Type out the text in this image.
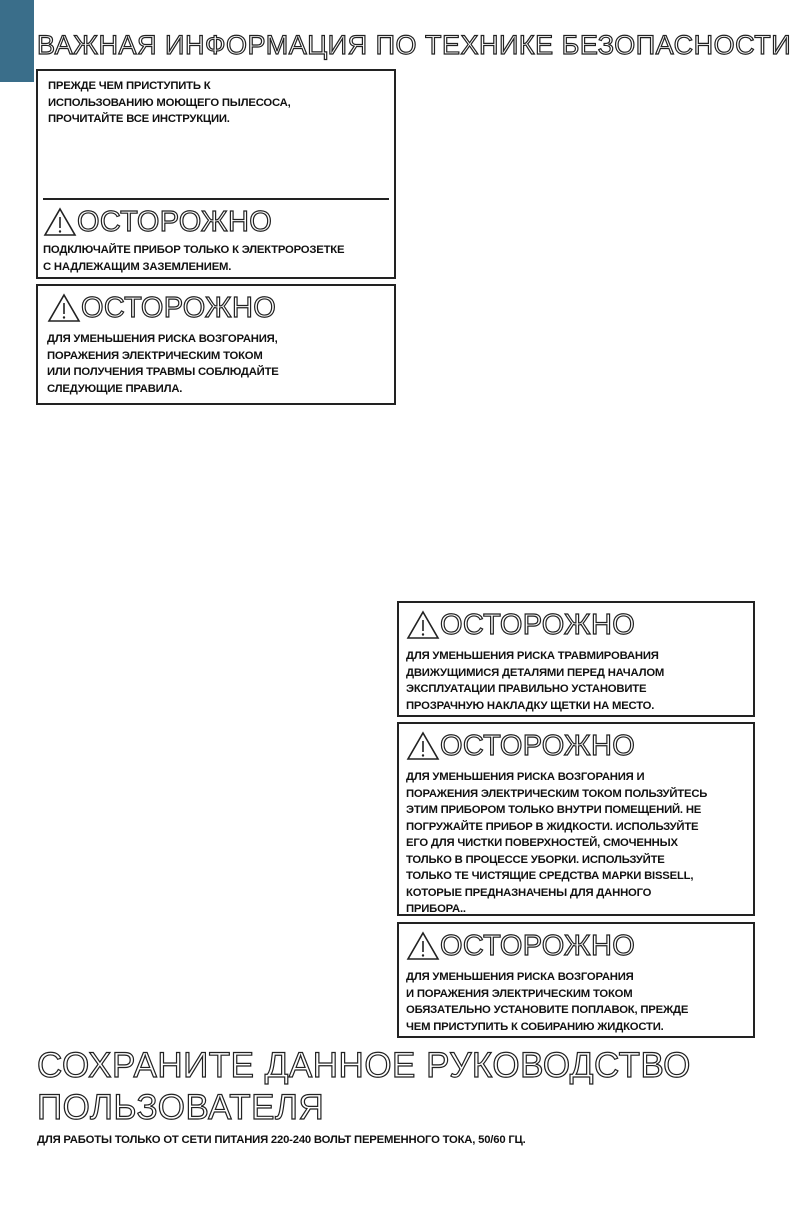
ВАЖНАЯ ИНФОРМАЦИЯ ПО ТЕХНИКЕ БЕЗОПАСНОСТИ
ПРЕЖДЕ ЧЕМ ПРИСТУПИТЬ К
ИСПОЛЬЗОВАНИЮ МОЮЩЕГО ПЫЛЕСОСА,
ПРОЧИТАЙТЕ ВСЕ ИНСТРУКЦИИ.
ОСТОРОЖНО
ПОДКЛЮЧАЙТЕ ПРИБОР ТОЛЬКО К ЭЛЕКТРОРОЗЕТКЕ
С НАДЛЕЖАЩИМ ЗАЗЕМЛЕНИЕМ.
ОСТОРОЖНО
ДЛЯ УМЕНЬШЕНИЯ РИСКА ВОЗГОРАНИЯ,
ПОРАЖЕНИЯ ЭЛЕКТРИЧЕСКИМ ТОКОМ
ИЛИ ПОЛУЧЕНИЯ ТРАВМЫ СОБЛЮДАЙТЕ
СЛЕДУЮЩИЕ ПРАВИЛА.
ОСТОРОЖНО
ДЛЯ УМЕНЬШЕНИЯ РИСКА ТРАВМИРОВАНИЯ
ДВИЖУЩИМИСЯ ДЕТАЛЯМИ ПЕРЕД НАЧАЛОМ
ЭКСПЛУАТАЦИИ ПРАВИЛЬНО УСТАНОВИТЕ
ПРОЗРАЧНУЮ НАКЛАДКУ ЩЕТКИ НА МЕСТО.
ОСТОРОЖНО
ДЛЯ УМЕНЬШЕНИЯ РИСКА ВОЗГОРАНИЯ И
ПОРАЖЕНИЯ ЭЛЕКТРИЧЕСКИМ ТОКОМ ПОЛЬЗУЙТЕСЬ
ЭТИМ ПРИБОРОМ ТОЛЬКО ВНУТРИ ПОМЕЩЕНИЙ. НЕ
ПОГРУЖАЙТЕ ПРИБОР В ЖИДКОСТИ. ИСПОЛЬЗУЙТЕ
ЕГО ДЛЯ ЧИСТКИ ПОВЕРХНОСТЕЙ, СМОЧЕННЫХ
ТОЛЬКО В ПРОЦЕССЕ УБОРКИ. ИСПОЛЬЗУЙТЕ
ТОЛЬКО ТЕ ЧИСТЯЩИЕ СРЕДСТВА МАРКИ BISSELL,
КОТОРЫЕ ПРЕДНАЗНАЧЕНЫ ДЛЯ ДАННОГО
ПРИБОРА..
ОСТОРОЖНО
ДЛЯ УМЕНЬШЕНИЯ РИСКА ВОЗГОРАНИЯ
И ПОРАЖЕНИЯ ЭЛЕКТРИЧЕСКИМ ТОКОМ
ОБЯЗАТЕЛЬНО УСТАНОВИТЕ ПОПЛАВОК, ПРЕЖДЕ
ЧЕМ ПРИСТУПИТЬ К СОБИРАНИЮ ЖИДКОСТИ.
СОХРАНИТЕ ДАННОЕ РУКОВОДСТВО
ПОЛЬЗОВАТЕЛЯ
ДЛЯ РАБОТЫ ТОЛЬКО ОТ СЕТИ ПИТАНИЯ 220-240 ВОЛЬТ ПЕРЕМЕННОГО ТОКА, 50/60 ГЦ.
